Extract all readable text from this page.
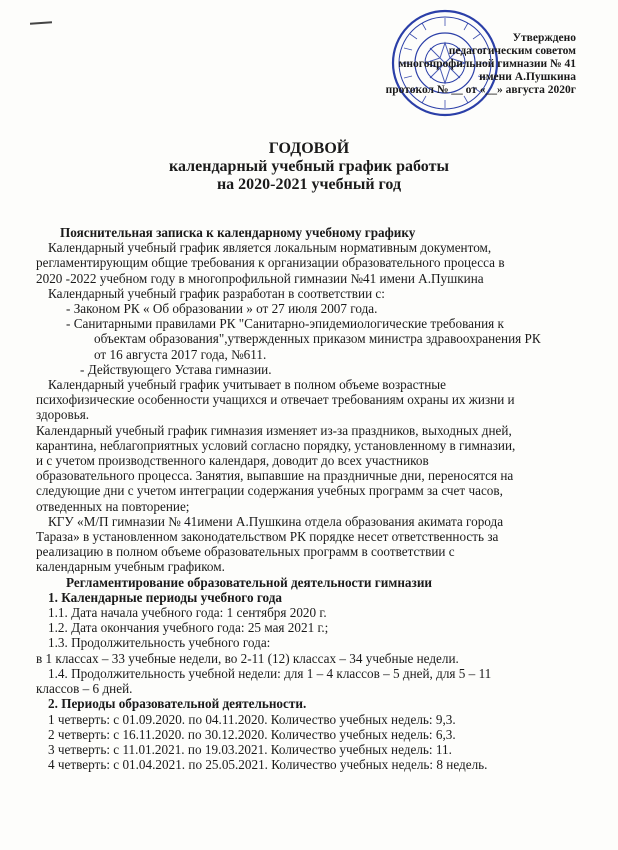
Утверждено
педагогическим советом
многопрофильной гимназии № 41
имени А.Пушкина
протокол № __ от «__» августа 2020г
ГОДОВОЙ
календарный учебный график работы
на 2020-2021 учебный год
Пояснительная записка к календарному учебному графику
Календарный учебный график является локальным нормативным документом,
регламентирующим общие требования к организации образовательного процесса в
2020 -2022 учебном году в многопрофильной гимназии №41 имени А.Пушкина
Календарный учебный график разработан в соответствии с:
- Законом РК « Об образовании » от 27 июля 2007 года.
- Санитарными правилами РК "Санитарно-эпидемиологические требования к
объектам образования",утвержденных приказом министра здравоохранения РК
от 16 августа 2017 года, №611.
- Действующего Устава гимназии.
Календарный учебный график учитывает в полном объеме возрастные
психофизические особенности учащихся и отвечает требованиям охраны их жизни и
здоровья.
Календарный учебный график гимназия изменяет из-за праздников, выходных дней,
карантина, неблагоприятных условий согласно порядку, установленному в гимназии,
и с учетом производственного календаря, доводит до всех участников
образовательного процесса. Занятия, выпавшие на праздничные дни, переносятся на
следующие дни с учетом интеграции содержания учебных программ за счет часов,
отведенных на повторение;
КГУ «М/П гимназии № 41имени А.Пушкина отдела образования акимата города
Тараза» в установленном законодательством РК порядке несет ответственность за
реализацию в полном объеме образовательных программ в соответствии с
календарным учебным графиком.
Регламентирование образовательной деятельности гимназии
1. Календарные периоды учебного года
1.1. Дата начала учебного года: 1 сентября 2020 г.
1.2. Дата окончания учебного года: 25 мая 2021 г.;
1.3. Продолжительность учебного года:
в 1 классах – 33 учебные недели, во 2-11 (12) классах – 34 учебные недели.
1.4. Продолжительность учебной недели: для 1 – 4 классов – 5 дней, для 5 – 11
классов – 6 дней.
2. Периоды образовательной деятельности.
1 четверть: с 01.09.2020. по 04.11.2020. Количество учебных недель: 9,3.
2 четверть: с 16.11.2020. по 30.12.2020. Количество учебных недель: 6,3.
3 четверть: с 11.01.2021. по 19.03.2021. Количество учебных недель: 11.
4 четверть: с 01.04.2021. по 25.05.2021. Количество учебных недель: 8 недель.
